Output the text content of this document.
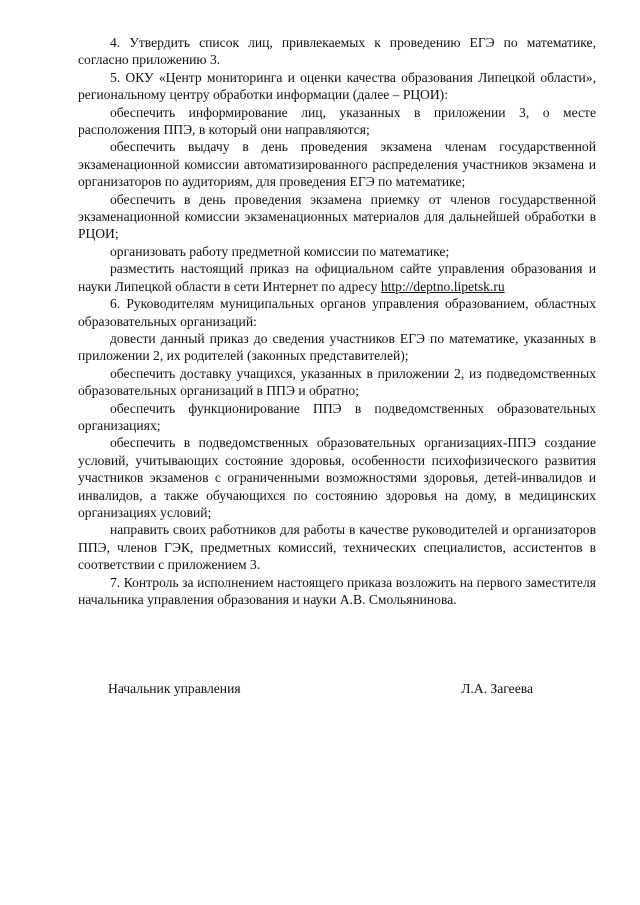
4. Утвердить список лиц, привлекаемых к проведению ЕГЭ по математике, согласно приложению 3.

5. ОКУ «Центр мониторинга и оценки качества образования Липецкой области», региональному центру обработки информации (далее – РЦОИ):

обеспечить информирование лиц, указанных в приложении 3, о месте расположения ППЭ, в который они направляются;

обеспечить выдачу в день проведения экзамена членам государственной экзаменационной комиссии автоматизированного распределения участников экзамена и организаторов по аудиториям, для проведения ЕГЭ по математике;

обеспечить в день проведения экзамена приемку от членов государственной экзаменационной комиссии экзаменационных материалов для дальнейшей обработки в РЦОИ;

организовать работу предметной комиссии по математике;

разместить настоящий приказ на официальном сайте управления образования и науки Липецкой области в сети Интернет по адресу http://deptno.lipetsk.ru

6. Руководителям муниципальных органов управления образованием, областных образовательных организаций:

довести данный приказ до сведения участников ЕГЭ по математике, указанных в приложении 2, их родителей (законных представителей);

обеспечить доставку учащихся, указанных в приложении 2, из подведомственных образовательных организаций в ППЭ и обратно;

обеспечить функционирование ППЭ в подведомственных образовательных организациях;

обеспечить в подведомственных образовательных организациях-ППЭ создание условий, учитывающих состояние здоровья, особенности психофизического развития участников экзаменов с ограниченными возможностями здоровья, детей-инвалидов и инвалидов, а также обучающихся по состоянию здоровья на дому, в медицинских организациях условий;

направить своих работников для работы в качестве руководителей и организаторов ППЭ, членов ГЭК, предметных комиссий, технических специалистов, ассистентов в соответствии с приложением 3.

7. Контроль за исполнением настоящего приказа возложить на первого заместителя начальника управления образования и науки А.В. Смольянинова.

Начальник управления	Л.А. Загеева
